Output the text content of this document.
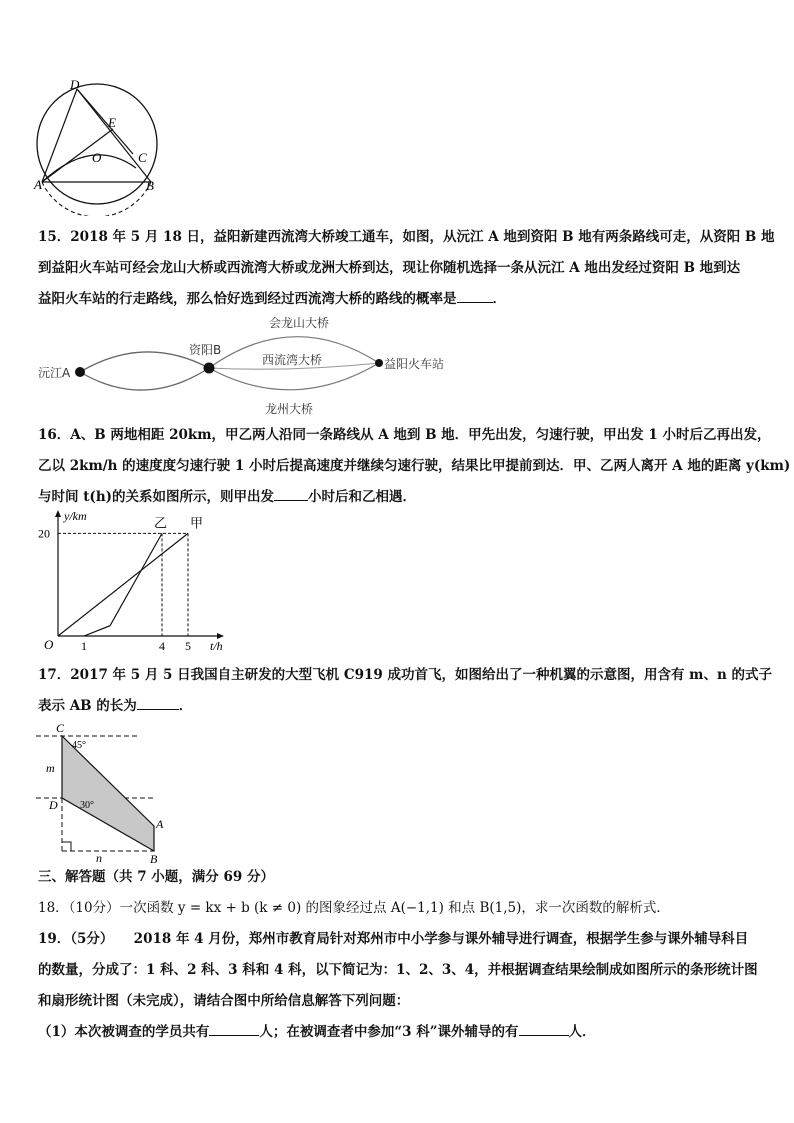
D
E
O	C
A	B

15．2018 年 5 月 18 日，益阳新建西流湾大桥竣工通车，如图，从沅江 A 地到资阳 B 地有两条路线可走，从资阳 B 地

到益阳火车站可经会龙山大桥或西流湾大桥或龙洲大桥到达，现让你随机选择一条从沅江 A 地出发经过资阳 B 地到达

益阳火车站的行走路线，那么恰好选到经过西流湾大桥的路线的概率是	．

会龙山大桥
西流湾大桥
龙州大桥
沅江A
资阳B
益阳火车站

16．A、B 两地相距 20km，甲乙两人沿同一条路线从 A 地到 B 地．甲先出发，匀速行驶，甲出发 1 小时后乙再出发，

乙以 2km/h 的速度度匀速行驶 1 小时后提高速度并继续匀速行驶，结果比甲提前到达．甲、乙两人离开 A 地的距离 y(km)

与时间 t(h)的关系如图所示，则甲出发	小时后和乙相遇．

甲
乙
1	4 5
20
O
y/km
t/h

17．2017 年 5 月 5 日我国自主研发的大型飞机 C919 成功首飞，如图给出了一种机翼的示意图，用含有 m、n 的式子

表示 AB 的长为	．

C
D
A
B
45°
30°
m
n

三、解答题（共 7 小题，满分 69 分）

18．（10分）一次函数 y = kx + b (k ≠ 0) 的图象经过点 A(−1,1) 和点 B(1,5)，求一次函数的解析式．

19．（5分）　　2018 年 4 月份，郑州市教育局针对郑州市中小学参与课外辅导进行调查，根据学生参与课外辅导科目

的数量，分成了：1 科、2 科、3 科和 4 科，以下简记为：1、2、3、4，并根据调查结果绘制成如图所示的条形统计图

和扇形统计图（未完成），请结合图中所给信息解答下列问题：

（1）本次被调查的学员共有	人；在被调查者中参加“3 科”课外辅导的有	人．
